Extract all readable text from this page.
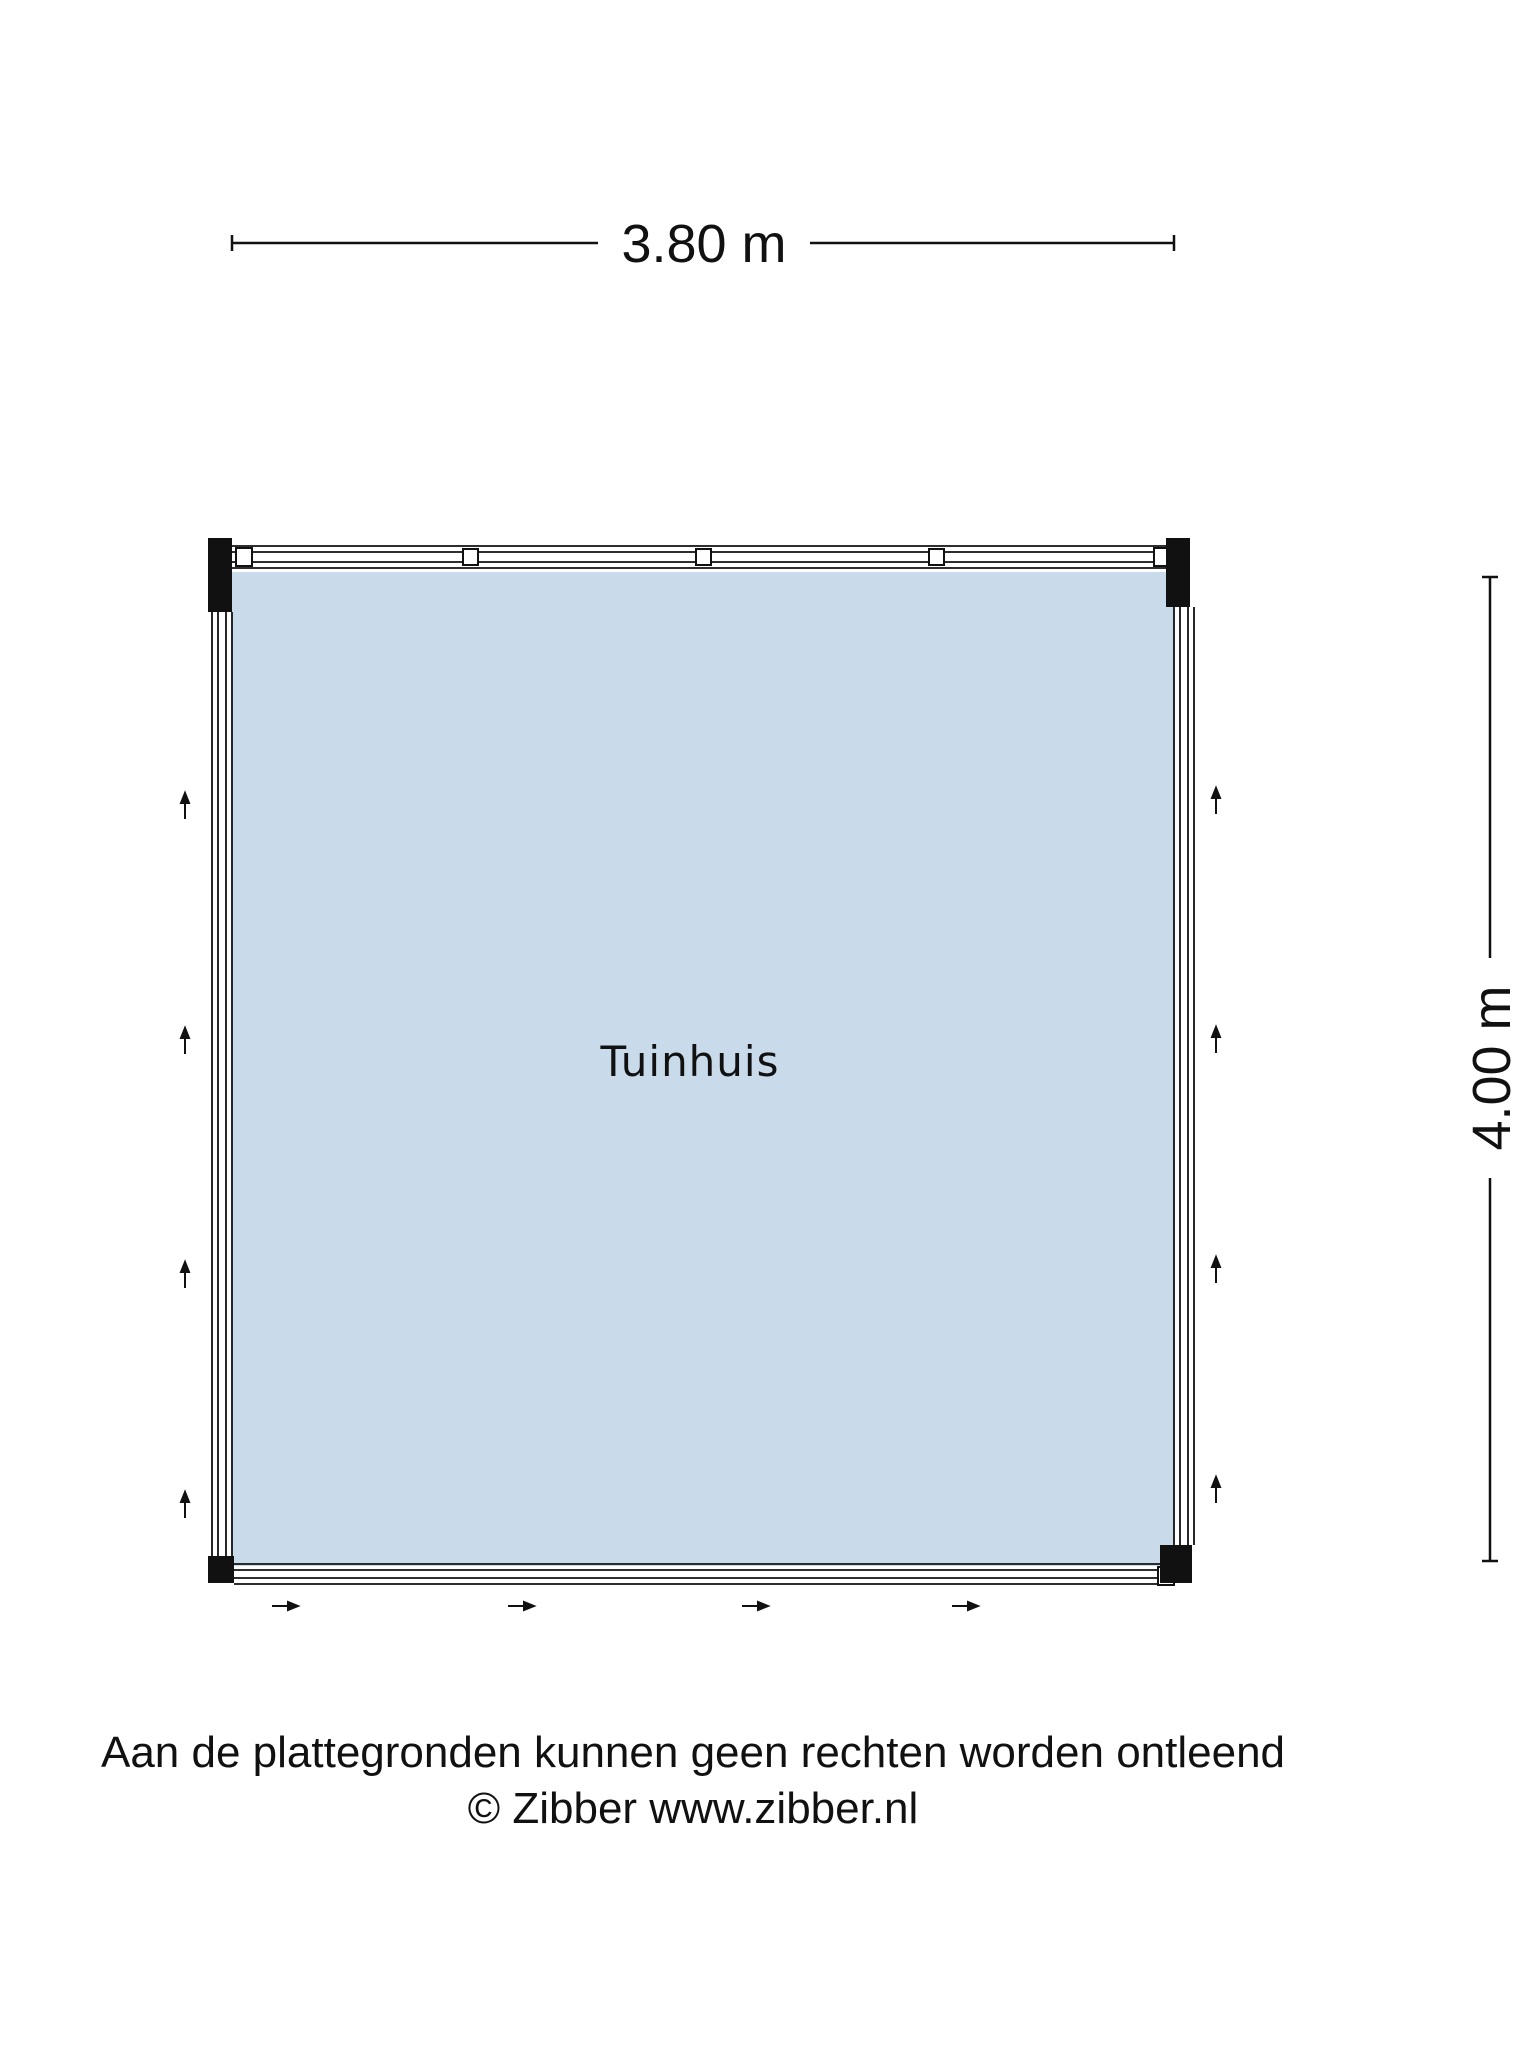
3.80 m
4.00 m
Tuinhuis
Aan de plattegronden kunnen geen rechten worden ontleend
© Zibber www.zibber.nl
